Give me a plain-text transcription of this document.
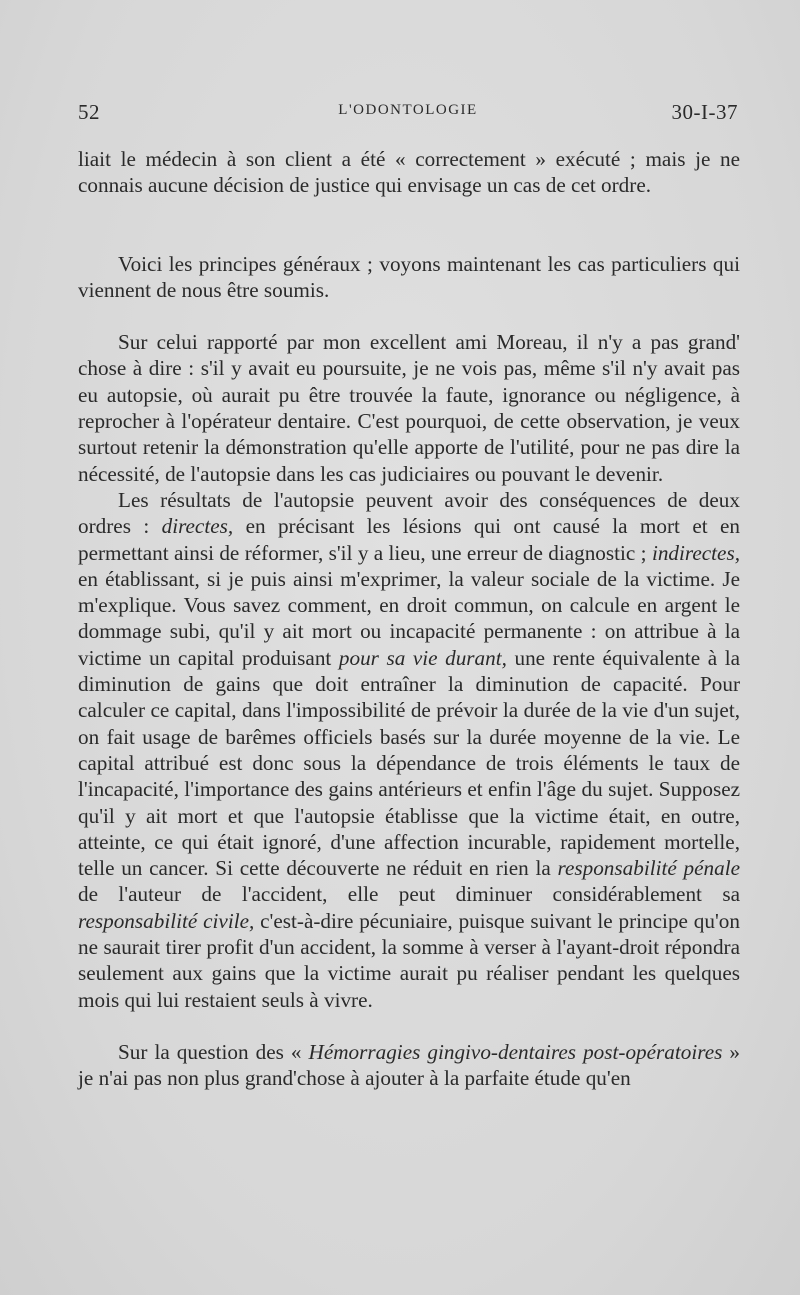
52	L'ODONTOLOGIE	30-I-37

liait le médecin à son client a été « correctement » exécuté ; mais je ne connais aucune décision de justice qui envisage un cas de cet ordre.

Voici les principes généraux ; voyons maintenant les cas particuliers qui viennent de nous être soumis.

Sur celui rapporté par mon excellent ami Moreau, il n'y a pas grand' chose à dire : s'il y avait eu poursuite, je ne vois pas, même s'il n'y avait pas eu autopsie, où aurait pu être trouvée la faute, ignorance ou négligence, à reprocher à l'opérateur dentaire. C'est pourquoi, de cette observation, je veux surtout retenir la démonstration qu'elle apporte de l'utilité, pour ne pas dire la nécessité, de l'autopsie dans les cas judiciaires ou pouvant le devenir.

Les résultats de l'autopsie peuvent avoir des conséquences de deux ordres : directes, en précisant les lésions qui ont causé la mort et en permettant ainsi de réformer, s'il y a lieu, une erreur de diagnostic ; indirectes, en établissant, si je puis ainsi m'exprimer, la valeur sociale de la victime. Je m'explique. Vous savez comment, en droit commun, on calcule en argent le dommage subi, qu'il y ait mort ou incapacité permanente : on attribue à la victime un capital produisant pour sa vie durant, une rente équivalente à la diminution de gains que doit entraîner la diminution de capacité. Pour calculer ce capital, dans l'impossibilité de prévoir la durée de la vie d'un sujet, on fait usage de barêmes officiels basés sur la durée moyenne de la vie. Le capital attribué est donc sous la dépendance de trois éléments le taux de l'incapacité, l'importance des gains antérieurs et enfin l'âge du sujet. Supposez qu'il y ait mort et que l'autopsie établisse que la victime était, en outre, atteinte, ce qui était ignoré, d'une affection incurable, rapidement mortelle, telle un cancer. Si cette découverte ne réduit en rien la responsabilité pénale de l'auteur de l'accident, elle peut diminuer considérablement sa responsabilité civile, c'est-à-dire pécuniaire, puisque suivant le principe qu'on ne saurait tirer profit d'un accident, la somme à verser à l'ayant-droit répondra seulement aux gains que la victime aurait pu réaliser pendant les quelques mois qui lui restaient seuls à vivre.

Sur la question des « Hémorragies gingivo-dentaires post-opératoires » je n'ai pas non plus grand'chose à ajouter à la parfaite étude qu'en
